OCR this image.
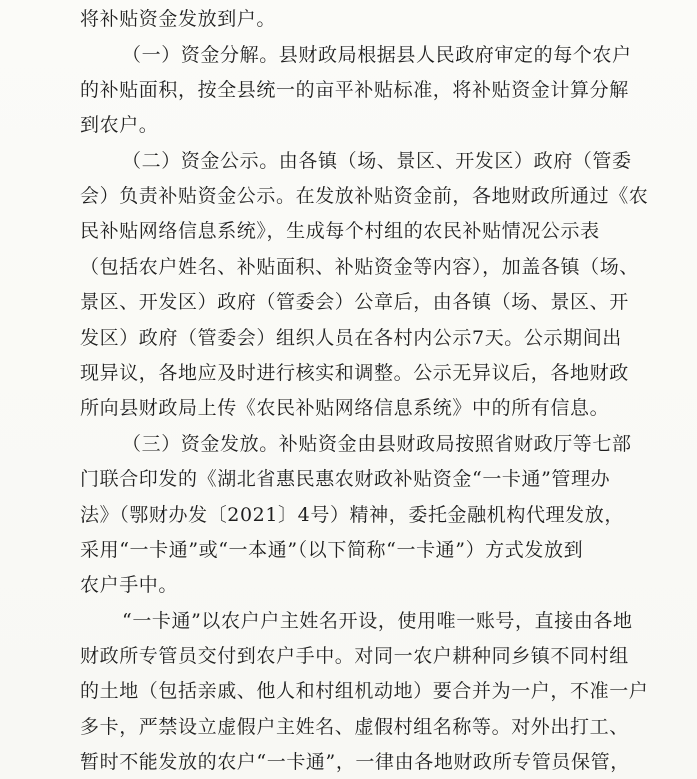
将补贴资金发放到户。
（一）资金分解。县财政局根据县人民政府审定的每个农户
的补贴面积，按全县统一的亩平补贴标准，将补贴资金计算分解
到农户。
（二）资金公示。由各镇（场、景区、开发区）政府（管委
会）负责补贴资金公示。在发放补贴资金前，各地财政所通过《农
民补贴网络信息系统》，生成每个村组的农民补贴情况公示表
（包括农户姓名、补贴面积、补贴资金等内容），加盖各镇（场、
景区、开发区）政府（管委会）公章后，由各镇（场、景区、开
发区）政府（管委会）组织人员在各村内公示7天。公示期间出
现异议，各地应及时进行核实和调整。公示无异议后，各地财政
所向县财政局上传《农民补贴网络信息系统》中的所有信息。
（三）资金发放。补贴资金由县财政局按照省财政厅等七部
门联合印发的《湖北省惠民惠农财政补贴资金“一卡通”管理办
法》（鄂财办发〔2021〕4号）精神，委托金融机构代理发放，
采用“一卡通”或“一本通”（以下简称“一卡通”）方式发放到
农户手中。
“一卡通”以农户户主姓名开设，使用唯一账号，直接由各地
财政所专管员交付到农户手中。对同一农户耕种同乡镇不同村组
的土地（包括亲戚、他人和村组机动地）要合并为一户，不准一户
多卡，严禁设立虚假户主姓名、虚假村组名称等。对外出打工、
暂时不能发放的农户“一卡通”，一律由各地财政所专管员保管，
